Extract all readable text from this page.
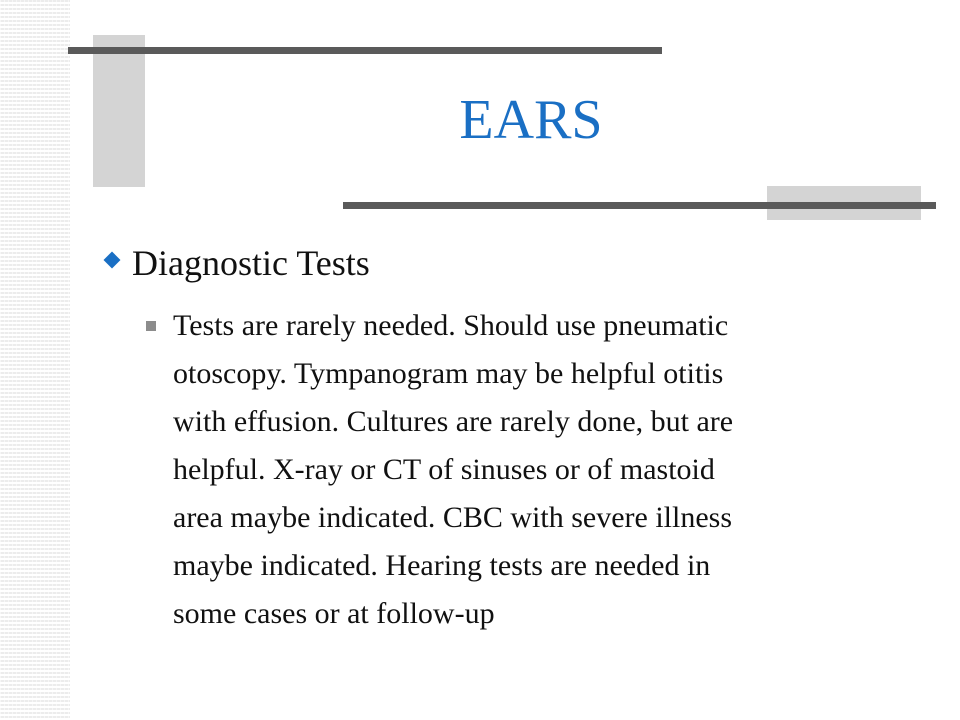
EARS
Diagnostic Tests
Tests are rarely needed. Should use pneumatic
otoscopy. Tympanogram may be helpful otitis
with effusion. Cultures are rarely done, but are
helpful. X-ray or CT of sinuses or of mastoid
area maybe indicated. CBC with severe illness
maybe indicated. Hearing tests are needed in
some cases or at follow-up
